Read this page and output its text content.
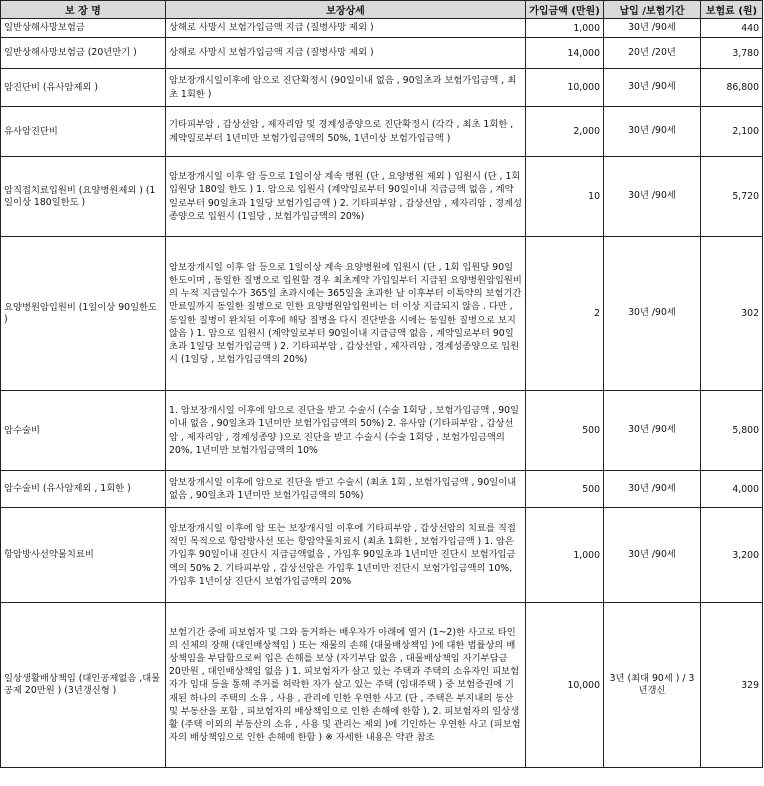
보 장 명	보장상세	가입금액 (만원)	납입 /보험기간	보험료 (원)
일반상해사망보험금	상해로 사망시 보험가입금액 지급 (질병사망 제외 )	1,000	30년 /90세	440
일반상해사망보험금 (20년만기 )	상해로 사망시 보험가입금액 지급 (질병사망 제외 )	14,000	20년 /20년	3,780
암진단비 (유사암제외 )	암보장개시일이후에 암으로 진단확정시 (90일이내 없음 , 90일초과 보험가입금액 , 최초 1회한 )	10,000	30년 /90세	86,800
유사암진단비	기타피부암 , 갑상선암 , 제자리암 및 경계성종양으로 진단확정시 (각각 , 최초 1회한 , 계약일로부터 1년미만 보험가입금액의 50%, 1년이상 보험가입금액 )	2,000	30년 /90세	2,100
암직접치료입원비 (요양병원제외 ) (1일이상 180일한도 )	암보장개시일 이후 암 등으로 1일이상 계속 병원 (단 , 요양병원 제외 ) 입원시 (단 , 1회 입원당 180일 한도 ) 1. 암으로 입원시 (계약일로부터 90일이내 지급금액 없음 , 계약일로부터 90일초과 1일당 보험가입금액 ) 2. 기타피부암 , 갑상선암 , 제자리암 , 경계성종양으로 입원시 (1일당 , 보험가입금액의 20%)	10	30년 /90세	5,720
요양병원암입원비 (1일이상 90일한도 )	암보장개시일 이후 암 등으로 1일이상 계속 요양병원에 입원시 (단 , 1회 입원당 90일한도이며 , 동일한 질병으로 입원할 경우 최초계약 가입일부터 지급된 요양병원암입원비의 누적 지급일수가 365일 초과시에는 365일을 초과한 날 이후부터 이특약의 보험기간 만료일까지 동일한 질병으로 인한 요양병원암입원비는 더 이상 지급되지 않음 . 다만 , 동일한 질병이 완치된 이후에 해당 질병을 다시 진단받을 시에는 동일한 질병으로 보지 않음 ) 1. 암으로 입원시 (계약일로부터 90일이내 지급금액 없음 , 계약일로부터 90일초과 1일당 보험가입금액 ) 2. 기타피부암 , 갑상선암 , 제자리암 , 경계성종양으로 입원시 (1일당 , 보험가입금액의 20%)	2	30년 /90세	302
암수술비	1. 암보장개시일 이후에 암으로 진단을 받고 수술시 (수술 1회당 , 보험가입금액 , 90일이내 없음 , 90일초과 1년미만 보험가입금액의 50%) 2. 유사암 (기타피부암 , 갑상선암 , 제자리암 , 경계성종양 )으로 진단을 받고 수술시 (수술 1회당 , 보험가입금액의 20%, 1년미만 보험가입금액의 10%	500	30년 /90세	5,800
암수술비 (유사암제외 , 1회한 )	암보장개시일 이후에 암으로 진단을 받고 수술시 (최초 1회 , 보험가입금액 , 90일이내 없음 , 90일초과 1년미만 보험가입금액의 50%)	500	30년 /90세	4,000
항암방사선약물치료비	암보장개시일 이후에 암 또는 보장개시일 이후에 기타피부암 , 갑상선암의 치료를 직접적인 목적으로 항암방사선 또는 항암약물치료시 (최초 1회한 , 보험가입금액 ) 1. 암은 가입후 90일이내 진단시 지급금액없음 , 가입후 90일초과 1년미만 진단시 보험가입금액의 50% 2. 기타피부암 , 갑상선암은 가입후 1년미만 진단시 보험가입금액의 10%, 가입후 1년이상 진단시 보험가입금액의 20%	1,000	30년 /90세	3,200
일상생활배상책임 (대인공제없음 ,대물공제 20만원 ) (3년갱신형 )	보험기간 중에 피보험자 및 그와 동거하는 배우자가 아래에 열거 (1~2)한 사고로 타인의 신체의 장해 (대인배상책임 ) 또는 재물의 손해 (대물배상책임 )에 대한 법률상의 배상책임을 부담함으로써 입은 손해를 보상 (자기부담 없음 , 대물배상책임 자기부담금 20만원 , 대인배상책임 없음 ) 1. 피보험자가 살고 있는 주택과 주택의 소유자인 피보험자가 임대 등을 통해 주거를 허락한 자가 살고 있는 주택 (임대주택 ) 중 보험증권에 기재된 하나의 주택의 소유 , 사용 , 관리에 인한 우연한 사고 (단 , 주택은 부지내의 동산 및 부동산을 포함 , 피보험자의 배상책임으로 인한 손해에 한함 ), 2. 피보험자의 일상생활 (주택 이외의 부동산의 소유 , 사용 및 관리는 제외 )에 기인하는 우연한 사고 (피보험자의 배상책임으로 인한 손해에 한함 ) ※ 자세한 내용은 약관 참조	10,000	3년 (최대 90세 ) / 3년갱신	329
